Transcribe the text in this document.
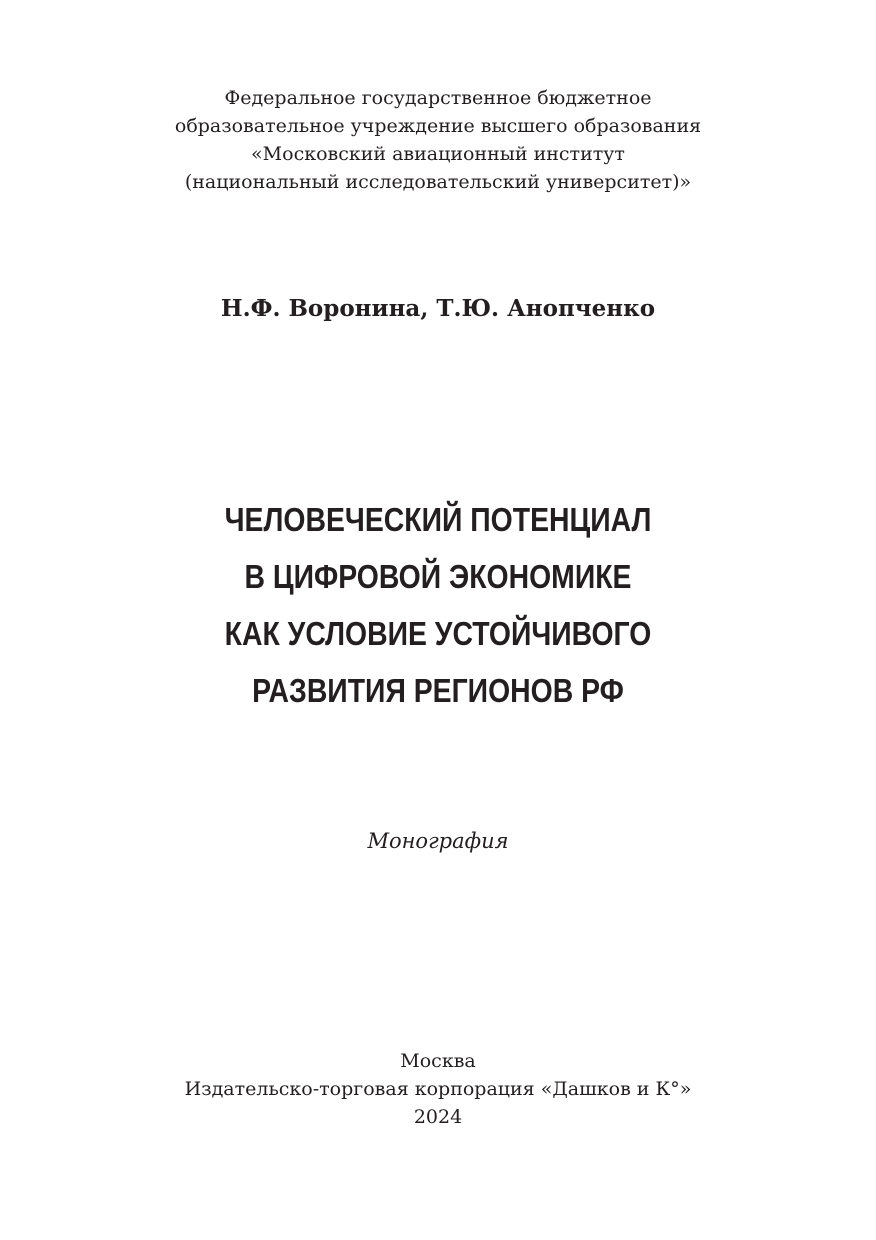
Федеральное государственное бюджетное
образовательное учреждение высшего образования
«Московский авиационный институт
(национальный исследовательский университет)»
Н.Ф. Воронина, Т.Ю. Анопченко
ЧЕЛОВЕЧЕСКИЙ ПОТЕНЦИАЛ
В ЦИФРОВОЙ ЭКОНОМИКЕ
КАК УСЛОВИЕ УСТОЙЧИВОГО
РАЗВИТИЯ РЕГИОНОВ РФ
Монография
Москва
Издательско-торговая корпорация «Дашков и К°»
2024
